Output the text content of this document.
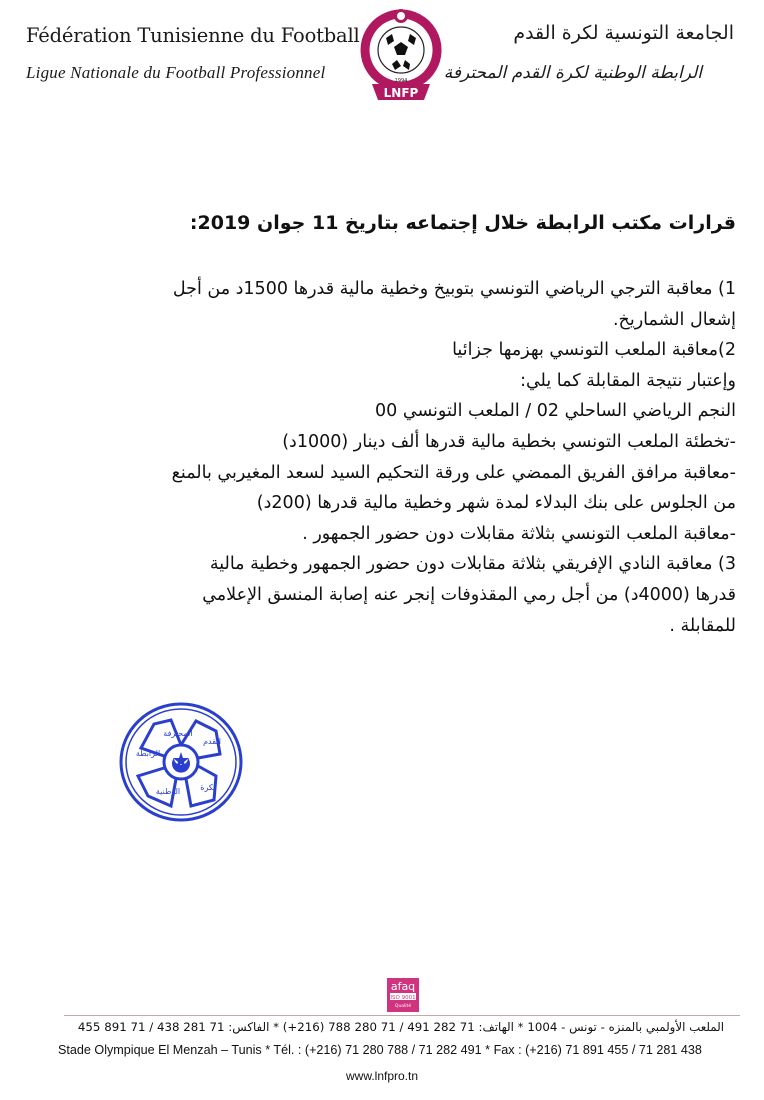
Fédération Tunisienne du Football
Ligue Nationale du Football Professionnel
الجامعة التونسية لكرة القدم
الرابطة الوطنية لكرة القدم المحترفة
1994
LNFP
قرارات مكتب الرابطة خلال إجتماعه بتاريخ 11 جوان 2019:
1) معاقبة الترجي الرياضي التونسي بتوبيخ وخطية مالية قدرها 1500د من أجل
إشعال الشماريخ.
2)معاقبة الملعب التونسي بهزمها جزائيا
وإعتبار نتيجة المقابلة كما يلي:
النجم الرياضي الساحلي 02 / الملعب التونسي 00
-تخطئة الملعب التونسي بخطية مالية قدرها ألف دينار (1000د)
-معاقبة مرافق الفريق الممضي على ورقة التحكيم السيد لسعد المغيربي بالمنع
من الجلوس على بنك البدلاء لمدة شهر وخطية مالية قدرها (200د)
-معاقبة الملعب التونسي بثلاثة مقابلات دون حضور الجمهور .
3) معاقبة النادي الإفريقي بثلاثة مقابلات دون حضور الجمهور وخطية مالية
قدرها (4000د) من أجل رمي المقذوفات إنجر عنه إصابة المنسق الإعلامي
للمقابلة .
المحترفة
القدم
الرابطة
لكرة
الوطنية
afaq
ISO 9001
Qualité
الملعب الأولمبي بالمنزه - تونس - 1004 * الهاتف: 71 282 491 / 71 280 788 (216+) * الفاكس: 71 281 438 / 71 891 455
Stade Olympique El Menzah – Tunis * Tél. : (+216) 71 280 788 / 71 282 491 * Fax : (+216) 71 891 455 / 71 281 438
www.lnfpro.tn
